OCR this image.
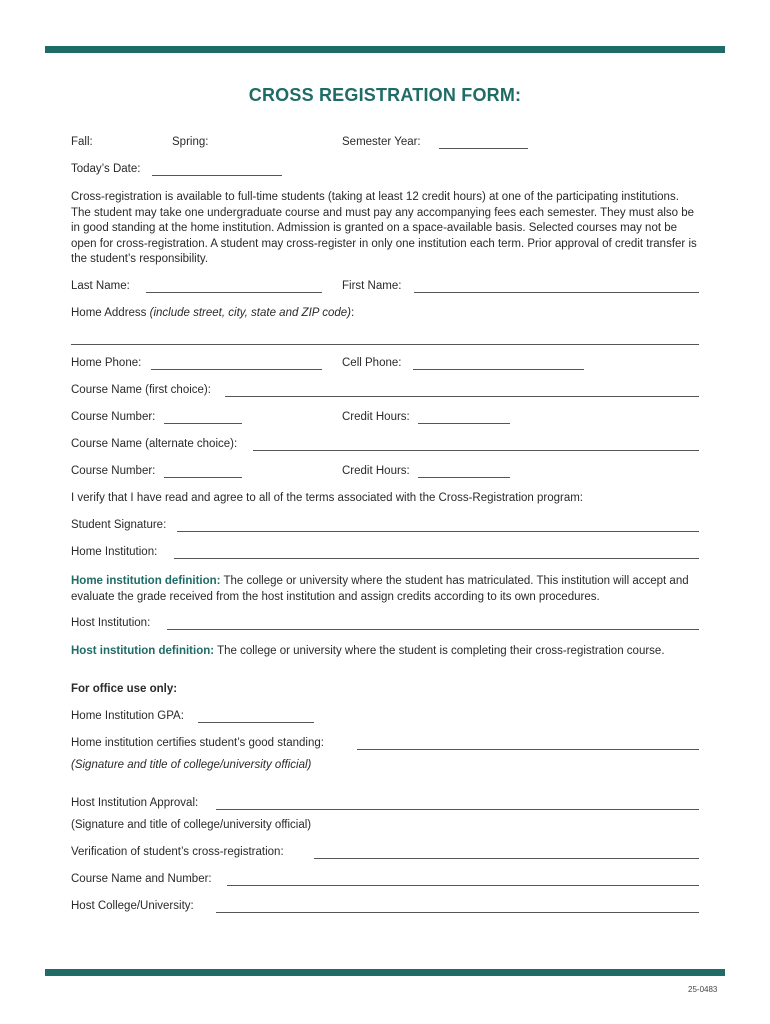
CROSS REGISTRATION FORM:
Fall:	Spring:	Semester Year:
Today’s Date:
Cross-registration is available to full-time students (taking at least 12 credit hours) at one of the participating institutions. The student may take one undergraduate course and must pay any accompanying fees each semester. They must also be in good standing at the home institution. Admission is granted on a space-available basis. Selected courses may not be open for cross-registration. A student may cross-register in only one institution each term. Prior approval of credit transfer is the student’s responsibility.
Last Name:	First Name:
Home Address (include street, city, state and ZIP code):
Home Phone:	Cell Phone:
Course Name (first choice):
Course Number:	Credit Hours:
Course Name (alternate choice):
Course Number:	Credit Hours:
I verify that I have read and agree to all of the terms associated with the Cross-Registration program:
Student Signature:
Home Institution:
Home institution definition: The college or university where the student has matriculated. This institution will accept and evaluate the grade received from the host institution and assign credits according to its own procedures.
Host Institution:
Host institution definition: The college or university where the student is completing their cross-registration course.
For office use only:
Home Institution GPA:
Home institution certifies student’s good standing:
(Signature and title of college/university official)
Host Institution Approval:
(Signature and title of college/university official)
Verification of student’s cross-registration:
Course Name and Number:
Host College/University:
25-0483
